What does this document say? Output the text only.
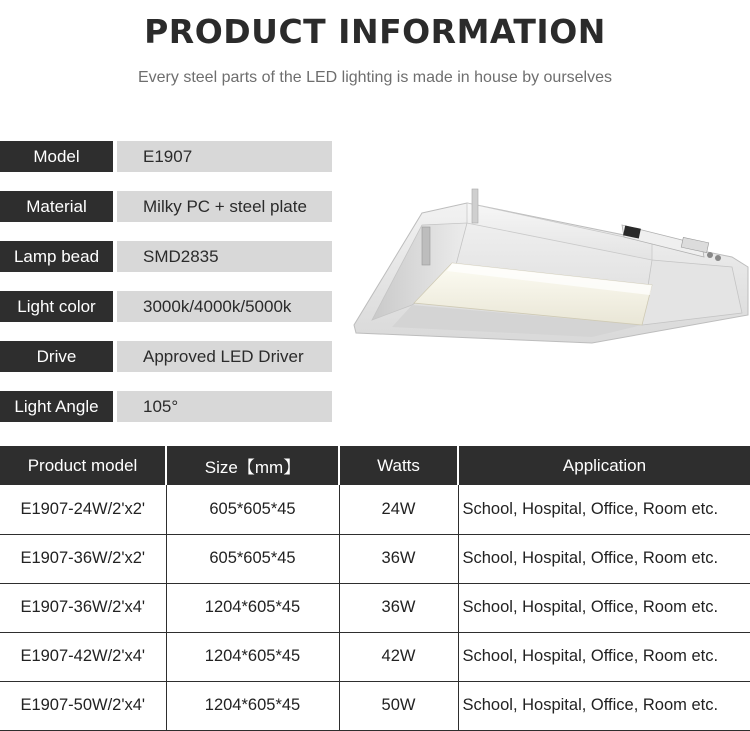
PRODUCT INFORMATION
Every steel parts of the LED lighting is made in house by ourselves
Model	E1907
Material	Milky PC + steel plate
Lamp bead	SMD2835
Light color	3000k/4000k/5000k
Drive	Approved LED Driver
Light Angle	105°
Product model	Size【mm】	Watts	Application
E1907-24W/2'x2'	605*605*45	24W	School, Hospital, Office, Room etc.
E1907-36W/2'x2'	605*605*45	36W	School, Hospital, Office, Room etc.
E1907-36W/2'x4'	1204*605*45	36W	School, Hospital, Office, Room etc.
E1907-42W/2'x4'	1204*605*45	42W	School, Hospital, Office, Room etc.
E1907-50W/2'x4'	1204*605*45	50W	School, Hospital, Office, Room etc.
